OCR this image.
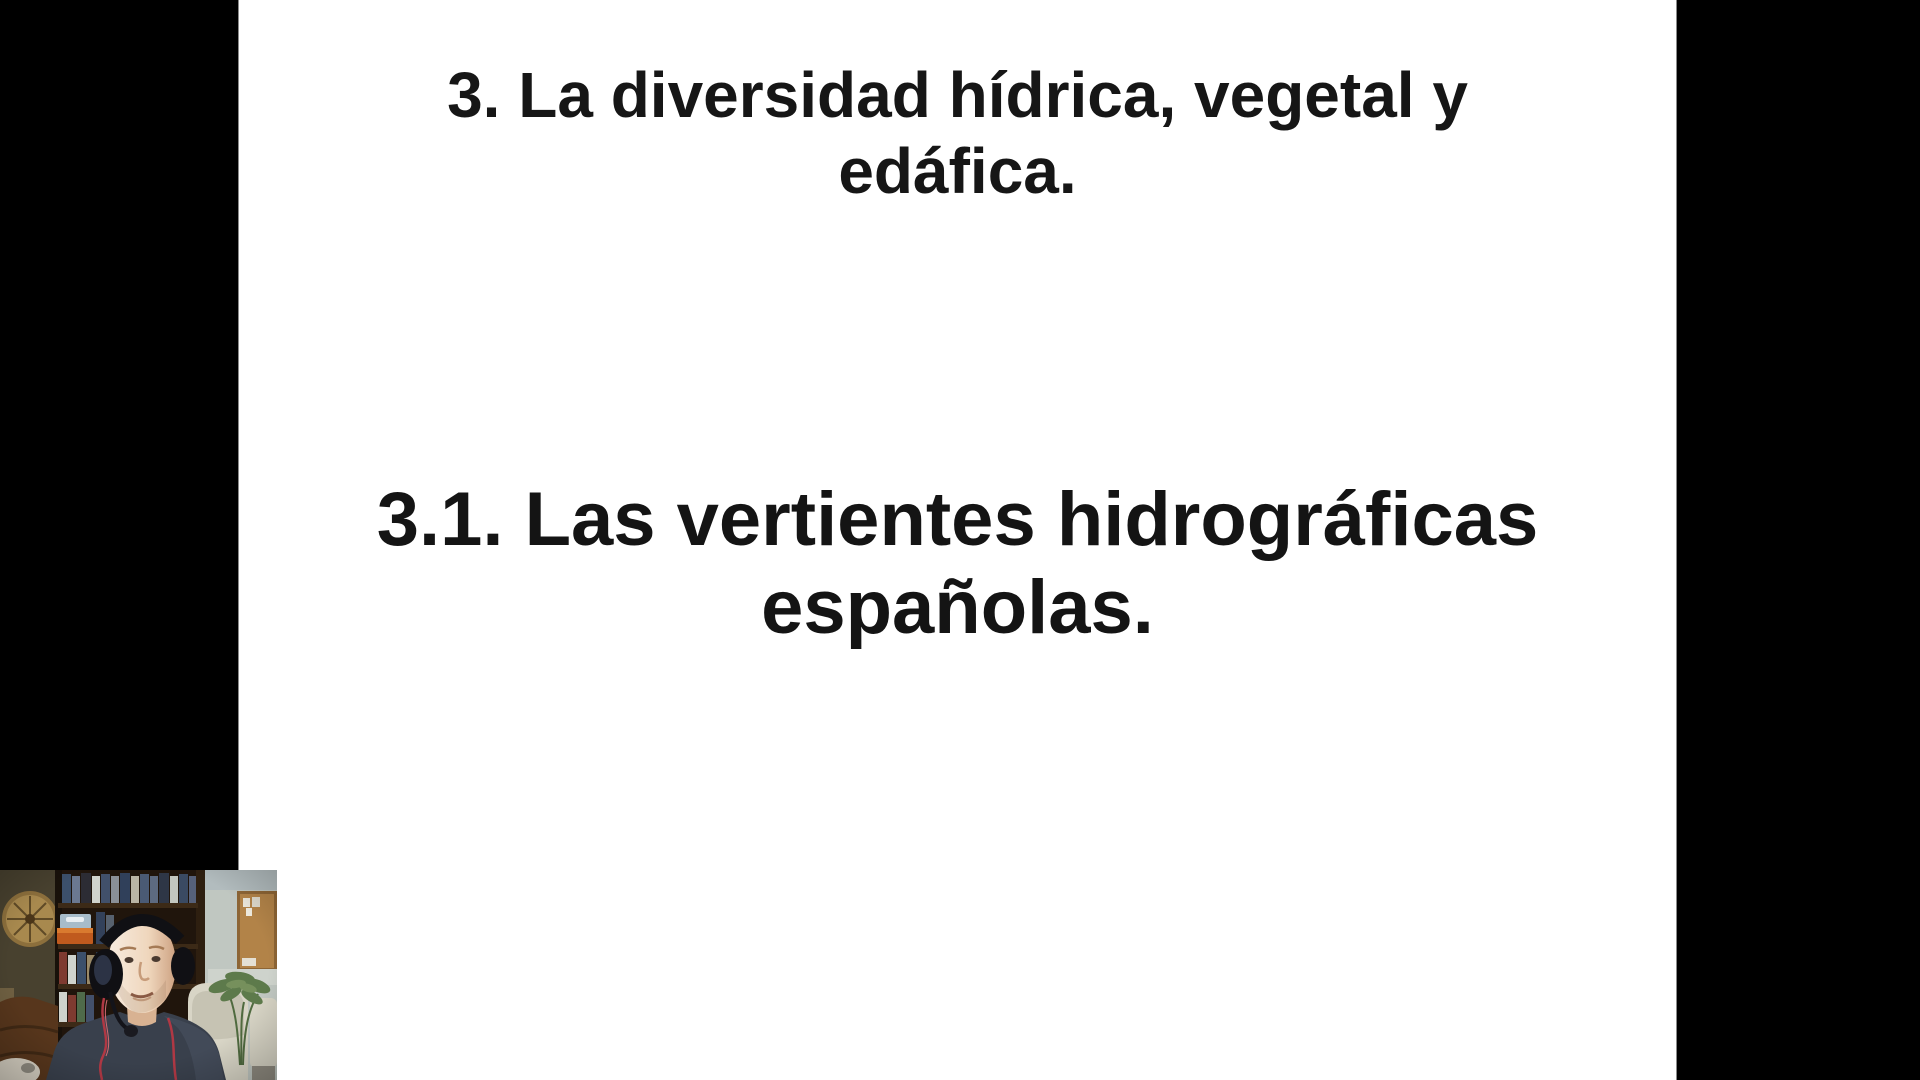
3. La diversidad hídrica, vegetal y
edáfica.
3.1. Las vertientes hidrográficas
españolas.
